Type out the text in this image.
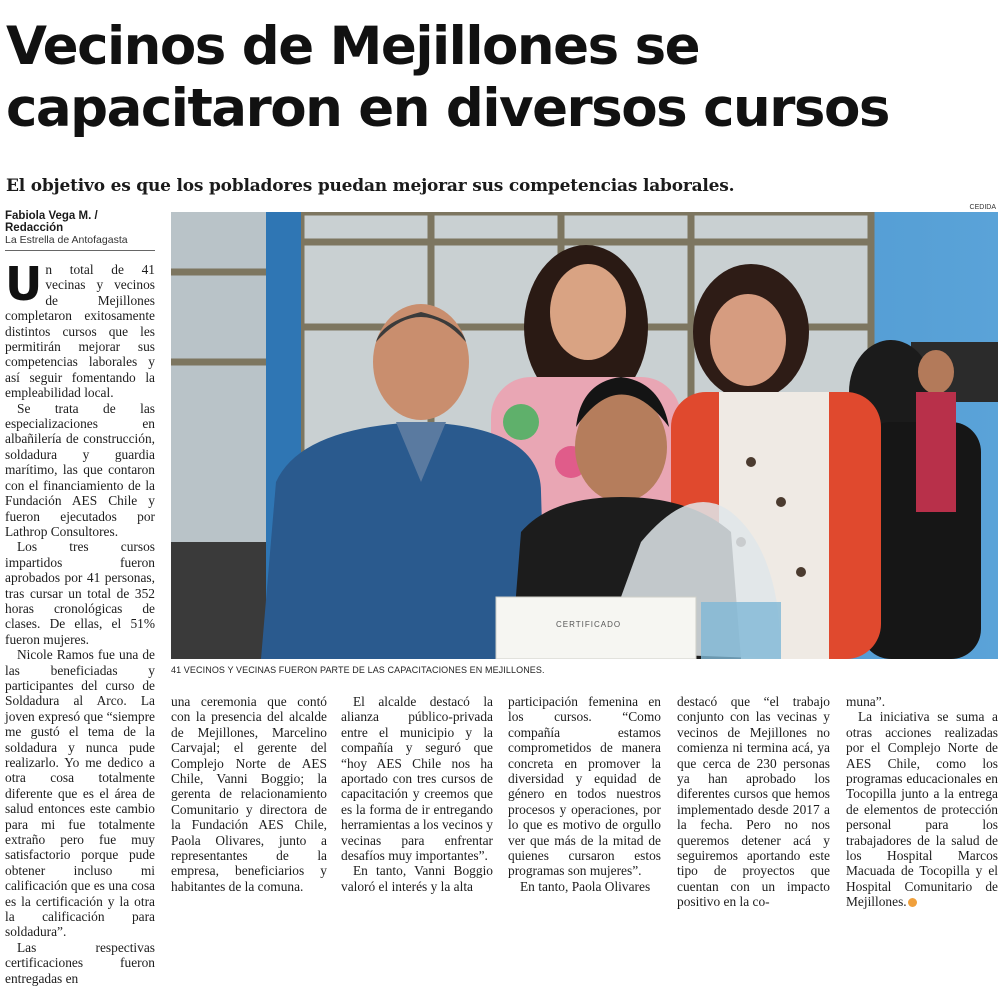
Vecinos de Mejillones se capacitaron en diversos cursos
El objetivo es que los pobladores puedan mejorar sus competencias laborales.
Fabiola Vega M. / Redacción
La Estrella de Antofagasta
CEDIDA
CERTIFICADO
41 VECINOS Y VECINAS FUERON PARTE DE LAS CAPACITACIONES EN MEJILLONES.

Un total de 41 vecinas y vecinos de Mejillones completaron exitosamente distintos cursos que les permitirán mejorar sus competencias laborales y así seguir fomentando la empleabilidad local.

Se trata de las especializaciones en albañilería de construcción, soldadura y guardia marítimo, las que contaron con el financiamiento de la Fundación AES Chile y fueron ejecutados por Lathrop Consultores.

Los tres cursos impartidos fueron aprobados por 41 personas, tras cursar un total de 352 horas cronológicas de clases. De ellas, el 51% fueron mujeres.

Nicole Ramos fue una de las beneficiadas y participantes del curso de Soldadura al Arco. La joven expresó que “siempre me gustó el tema de la soldadura y nunca pude realizarlo. Yo me dedico a otra cosa totalmente diferente que es el área de salud entonces este cambio para mi fue totalmente extraño pero fue muy satisfactorio porque pude obtener incluso mi calificación que es una cosa es la certificación y la otra la calificación para soldadura”.

Las respectivas certificaciones fueron entregadas en

una ceremonia que contó con la presencia del alcalde de Mejillones, Marcelino Carvajal; el gerente del Complejo Norte de AES Chile, Vanni Boggio; la gerenta de relacionamiento Comunitario y directora de la Fundación AES Chile, Paola Olivares, junto a representantes de la empresa, beneficiarios y habitantes de la comuna.

El alcalde destacó la alianza público-privada entre el municipio y la compañía y seguró que “hoy AES Chile nos ha aportado con tres cursos de capacitación y creemos que es la forma de ir entregando herramientas a los vecinos y vecinas para enfrentar desafíos muy importantes”.

En tanto, Vanni Boggio valoró el interés y la alta

participación femenina en los cursos. “Como compañía estamos comprometidos de manera concreta en promover la diversidad y equidad de género en todos nuestros procesos y operaciones, por lo que es motivo de orgullo ver que más de la mitad de quienes cursaron estos programas son mujeres”.

En tanto, Paola Olivares

destacó que “el trabajo conjunto con las vecinas y vecinos de Mejillones no comienza ni termina acá, ya que cerca de 230 personas ya han aprobado los diferentes cursos que hemos implementado desde 2017 a la fecha. Pero no nos queremos detener acá y seguiremos aportando este tipo de proyectos que cuentan con un impacto positivo en la co-

muna”.

La iniciativa se suma a otras acciones realizadas por el Complejo Norte de AES Chile, como los programas educacionales en Tocopilla junto a la entrega de elementos de protección personal para los trabajadores de la salud de los Hospital Marcos Macuada de Tocopilla y el Hospital Comunitario de Mejillones.
